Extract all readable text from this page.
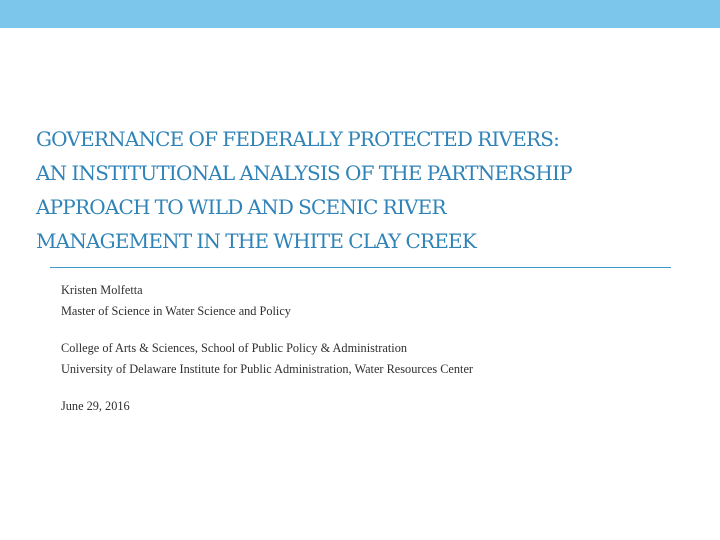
GOVERNANCE OF FEDERALLY PROTECTED RIVERS:
AN INSTITUTIONAL ANALYSIS OF THE PARTNERSHIP
APPROACH TO WILD AND SCENIC RIVER
MANAGEMENT IN THE WHITE CLAY CREEK

Kristen Molfetta

Master of Science in Water Science and Policy

College of Arts & Sciences, School of Public Policy & Administration

University of Delaware Institute for Public Administration, Water Resources Center

June 29, 2016
